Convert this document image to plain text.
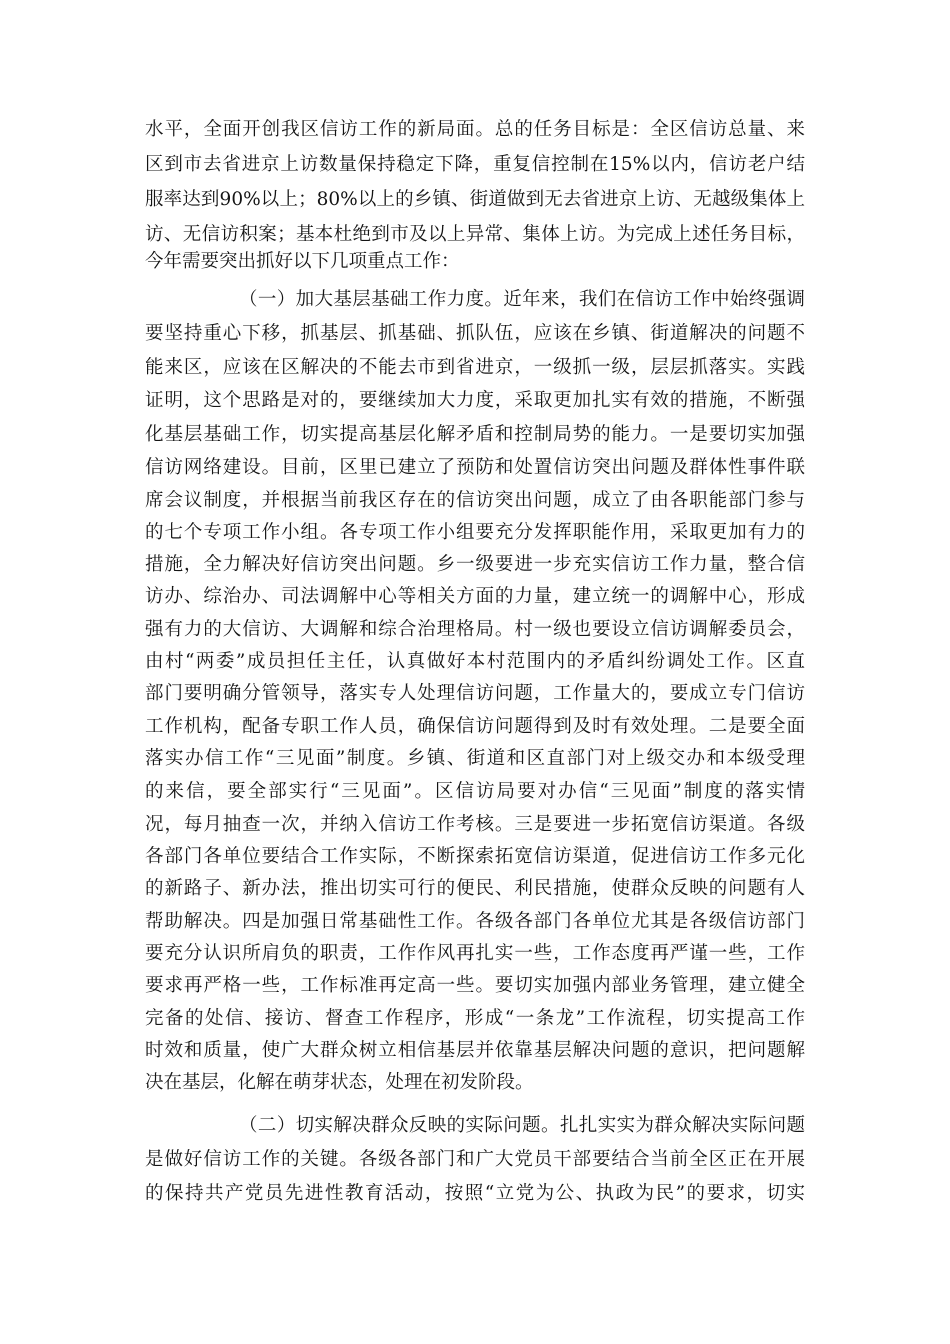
水平，全面开创我区信访工作的新局面。总的任务目标是：全区信访总量、来
区到市去省进京上访数量保持稳定下降，重复信控制在15%以内，信访老户结
服率达到90%以上；80%以上的乡镇、街道做到无去省进京上访、无越级集体上
访、无信访积案；基本杜绝到市及以上异常、集体上访。为完成上述任务目标，
今年需要突出抓好以下几项重点工作：
（一）加大基层基础工作力度。近年来，我们在信访工作中始终强调
要坚持重心下移，抓基层、抓基础、抓队伍，应该在乡镇、街道解决的问题不
能来区，应该在区解决的不能去市到省进京，一级抓一级，层层抓落实。实践
证明，这个思路是对的，要继续加大力度，采取更加扎实有效的措施，不断强
化基层基础工作，切实提高基层化解矛盾和控制局势的能力。一是要切实加强
信访网络建设。目前，区里已建立了预防和处置信访突出问题及群体性事件联
席会议制度，并根据当前我区存在的信访突出问题，成立了由各职能部门参与
的七个专项工作小组。各专项工作小组要充分发挥职能作用，采取更加有力的
措施，全力解决好信访突出问题。乡一级要进一步充实信访工作力量，整合信
访办、综治办、司法调解中心等相关方面的力量，建立统一的调解中心，形成
强有力的大信访、大调解和综合治理格局。村一级也要设立信访调解委员会，
由村“两委”成员担任主任，认真做好本村范围内的矛盾纠纷调处工作。区直
部门要明确分管领导，落实专人处理信访问题，工作量大的，要成立专门信访
工作机构，配备专职工作人员，确保信访问题得到及时有效处理。二是要全面
落实办信工作“三见面”制度。乡镇、街道和区直部门对上级交办和本级受理
的来信，要全部实行“三见面”。区信访局要对办信“三见面”制度的落实情
况，每月抽查一次，并纳入信访工作考核。三是要进一步拓宽信访渠道。各级
各部门各单位要结合工作实际，不断探索拓宽信访渠道，促进信访工作多元化
的新路子、新办法，推出切实可行的便民、利民措施，使群众反映的问题有人
帮助解决。四是加强日常基础性工作。各级各部门各单位尤其是各级信访部门
要充分认识所肩负的职责，工作作风再扎实一些，工作态度再严谨一些，工作
要求再严格一些，工作标准再定高一些。要切实加强内部业务管理，建立健全
完备的处信、接访、督查工作程序，形成“一条龙”工作流程，切实提高工作
时效和质量，使广大群众树立相信基层并依靠基层解决问题的意识，把问题解
决在基层，化解在萌芽状态，处理在初发阶段。
（二）切实解决群众反映的实际问题。扎扎实实为群众解决实际问题
是做好信访工作的关键。各级各部门和广大党员干部要结合当前全区正在开展
的保持共产党员先进性教育活动，按照“立党为公、执政为民”的要求，切实
